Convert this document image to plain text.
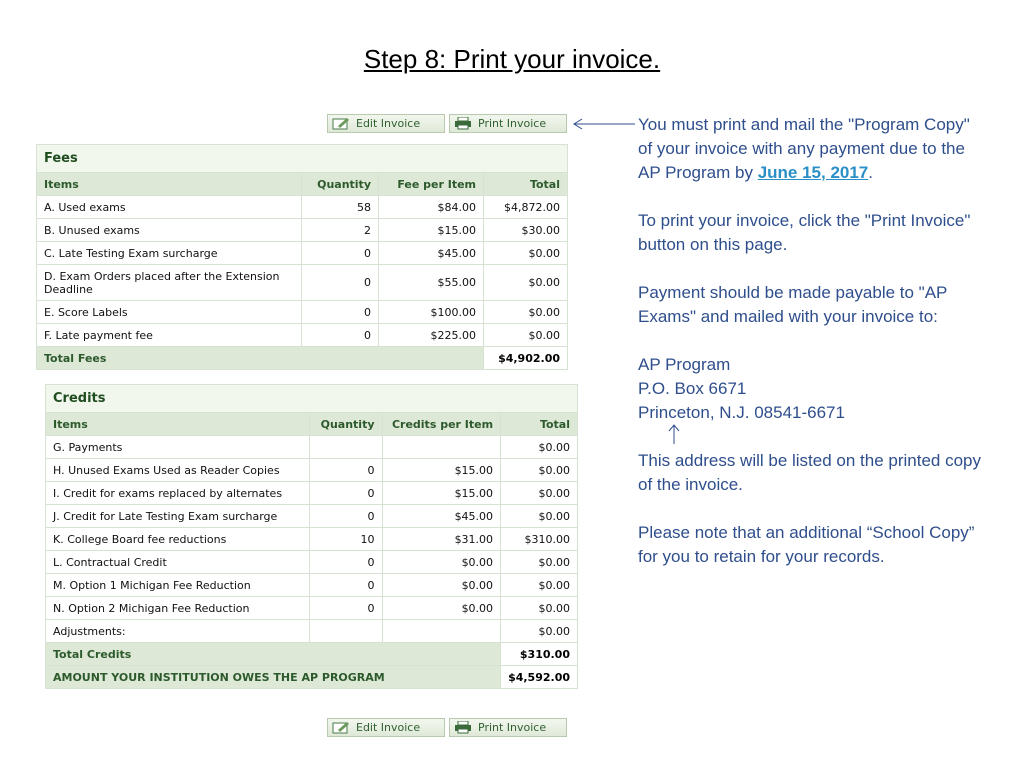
Step 8: Print your invoice.
Edit Invoice	Print Invoice
Fees			
Items	Quantity	Fee per Item	Total
A. Used exams	58	$84.00	$4,872.00
B. Unused exams	2	$15.00	$30.00
C. Late Testing Exam surcharge	0	$45.00	$0.00
D. Exam Orders placed after the Extension Deadline	0	$55.00	$0.00
E. Score Labels	0	$100.00	$0.00
F. Late payment fee	0	$225.00	$0.00
Total Fees			$4,902.00
Credits			
Items	Quantity	Credits per Item	Total
G. Payments			$0.00
H. Unused Exams Used as Reader Copies	0	$15.00	$0.00
I. Credit for exams replaced by alternates	0	$15.00	$0.00
J. Credit for Late Testing Exam surcharge	0	$45.00	$0.00
K. College Board fee reductions	10	$31.00	$310.00
L. Contractual Credit	0	$0.00	$0.00
M. Option 1 Michigan Fee Reduction	0	$0.00	$0.00
N. Option 2 Michigan Fee Reduction	0	$0.00	$0.00
Adjustments:			$0.00
Total Credits			$310.00
AMOUNT YOUR INSTITUTION OWES THE AP PROGRAM			$4,592.00
Edit Invoice	Print Invoice

You must print and mail the "Program Copy" of your invoice with any payment due to the AP Program by June 15, 2017.

To print your invoice, click the "Print Invoice" button on this page.

Payment should be made payable to "AP Exams" and mailed with your invoice to:

AP Program
P.O. Box 6671
Princeton, N.J. 08541-6671

This address will be listed on the printed copy of the invoice.

Please note that an additional “School Copy” for you to retain for your records.
